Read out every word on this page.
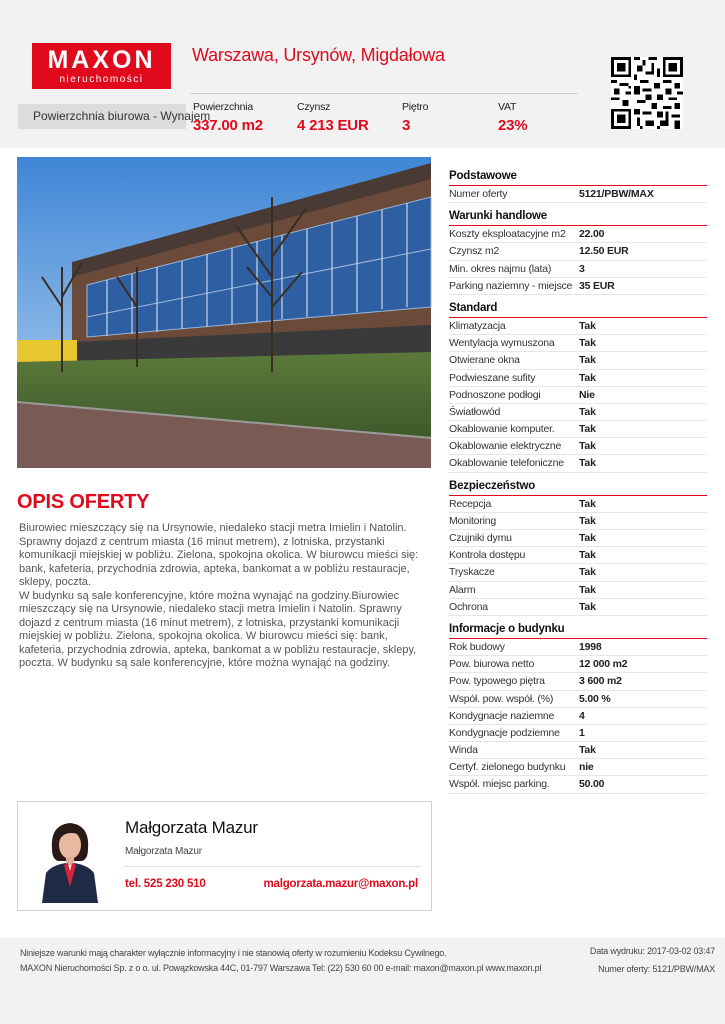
MAXON
nieruchomości
Warszawa, Ursynów, Migdałowa
Powierzchnia biurowa - Wynajem
Powierzchnia
337.00 m2
Czynsz
4 213 EUR
Piętro
3
VAT
23%
OPIS OFERTY
Biurowiec mieszczący się na Ursynowie, niedaleko stacji metra Imielin i Natolin. Sprawny dojazd z centrum miasta (16 minut metrem), z lotniska, przystanki komunikacji miejskiej w pobliżu. Zielona, spokojna okolica. W biurowcu mieści się: bank, kafeteria, przychodnia zdrowia, apteka, bankomat a w pobliżu restauracje, sklepy, poczta.
W budynku są sale konferencyjne, które można wynająć na godziny.Biurowiec mieszczący się na Ursynowie, niedaleko stacji metra Imielin i Natolin. Sprawny dojazd z centrum miasta (16 minut metrem), z lotniska, przystanki komunikacji miejskiej w pobliżu. Zielona, spokojna okolica. W biurowcu mieści się: bank, kafeteria, przychodnia zdrowia, apteka, bankomat a w pobliżu restauracje, sklepy, poczta. W budynku są sale konferencyjne, które można wynająć na godziny.
Podstawowe
Numer oferty	5121/PBW/MAX
Warunki handlowe
Koszty eksploatacyjne m2	22.00
Czynsz m2	12.50 EUR
Min. okres najmu (lata)	3
Parking naziemny - miejsce 35 EUR
Standard
Klimatyzacja	Tak
Wentylacja wymuszona	Tak
Otwierane okna	Tak
Podwieszane sufity	Tak
Podnoszone podłogi	Nie
Światłowód	Tak
Okablowanie komputer.	Tak
Okablowanie elektryczne	Tak
Okablowanie telefoniczne	Tak
Bezpieczeństwo
Recepcja	Tak
Monitoring	Tak
Czujniki dymu	Tak
Kontrola dostępu	Tak
Tryskacze	Tak
Alarm	Tak
Ochrona	Tak
Informacje o budynku
Rok budowy	1998
Pow. biurowa netto	12 000 m2
Pow. typowego piętra	3 600 m2
Współ. pow. współ. (%)	5.00 %
Kondygnacje naziemne	4
Kondygnacje podziemne	1
Winda	Tak
Certyf. zielonego budynku	nie
Współ. miejsc parking.	50.00
Małgorzata Mazur
Małgorzata Mazur
tel. 525 230 510	malgorzata.mazur@maxon.pl
Niniejsze warunki mają charakter wyłącznie informacyjny i nie stanowią oferty w rozumieniu Kodeksu Cywilnego.
MAXON Nieruchomości Sp. z o o. ul. Powązkowska 44C, 01-797 Warszawa Tel: (22) 530 60 00 e-mail: maxon@maxon.pl www.maxon.pl
Data wydruku: 2017-03-02 03:47
Numer oferty: 5121/PBW/MAX
